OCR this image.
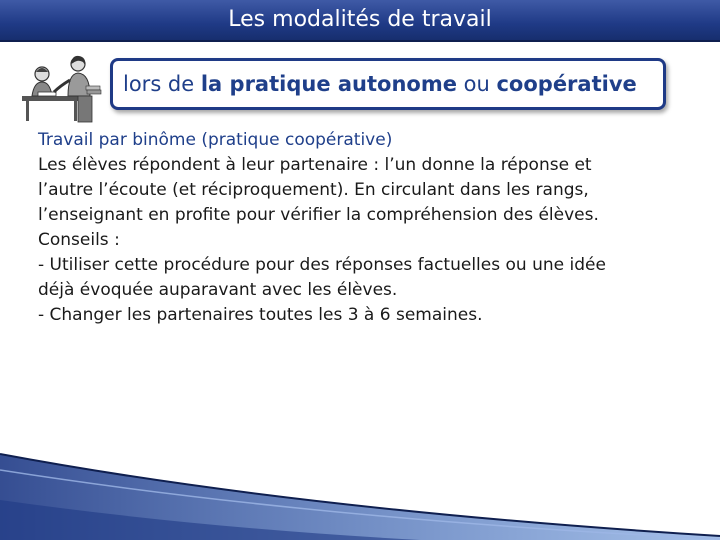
Les modalités de travail
lors de la pratique autonome ou coopérative

Travail par binôme (pratique coopérative)

Les élèves répondent à leur partenaire : l’un donne la réponse et

l’autre l’écoute (et réciproquement). En circulant dans les rangs,

l’enseignant en profite pour vérifier la compréhension des élèves.

Conseils :

- Utiliser cette procédure pour des réponses factuelles ou une idée

déjà évoquée auparavant avec les élèves.

- Changer les partenaires toutes les 3 à 6 semaines.
